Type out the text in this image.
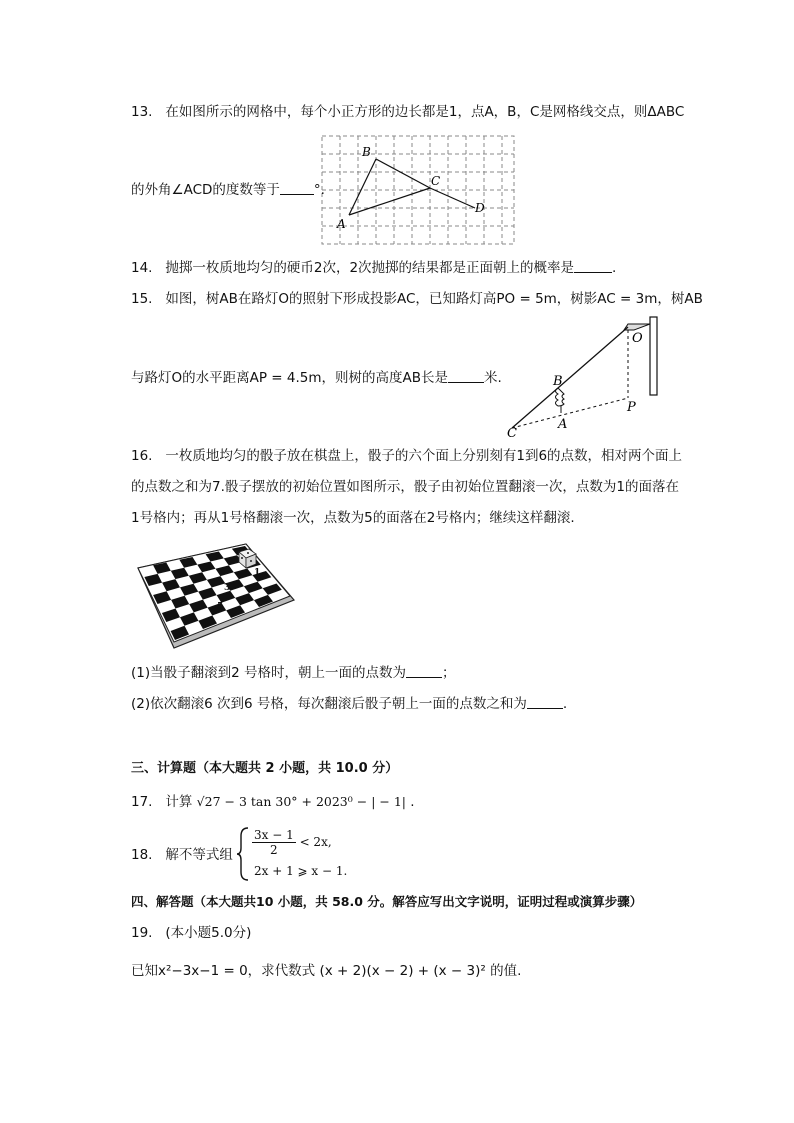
13. 在如图所示的网格中，每个小正方形的边长都是1，点A，B，C是网格线交点，则ΔABC
B
C
D
A
的外角∠ACD的度数等于	°.
14. 抛掷一枚质地均匀的硬币2次，2次抛掷的结果都是正面朝上的概率是	.
15. 如图，树AB在路灯O的照射下形成投影AC，已知路灯高PO = 5m，树影AC = 3m，树AB
与路灯O的水平距离AP = 4.5m，则树的高度AB长是	米.
O
B
P
A
C
16. 一枚质地均匀的骰子放在棋盘上，骰子的六个面上分别刻有1到6的点数，相对两个面上
的点数之和为7.骰子摆放的初始位置如图所示，骰子由初始位置翻滚一次，点数为1的面落在
1号格内；再从1号格翻滚一次，点数为5的面落在2号格内；继续这样翻滚.
1
3
5
6
(1)当骰子翻滚到2 号格时，朝上一面的点数为	；
(2)依次翻滚6 次到6 号格，每次翻滚后骰子朝上一面的点数之和为	.
三、计算题（本大题共 2 小题，共 10.0 分）
17. 计算 √27 − 3 tan 30° + 2023⁰ − | − 1| .
18. 解不等式组 $\frac{3x - 1}{2} < 2x$,
2x + 1 ⩾ x − 1.
四、解答题（本大题共10 小题，共 58.0 分。解答应写出文字说明，证明过程或演算步骤）
19. (本小题5.0分)
已知x²−3x−1 = 0，求代数式 (x + 2)(x − 2) + (x − 3)² 的值.
